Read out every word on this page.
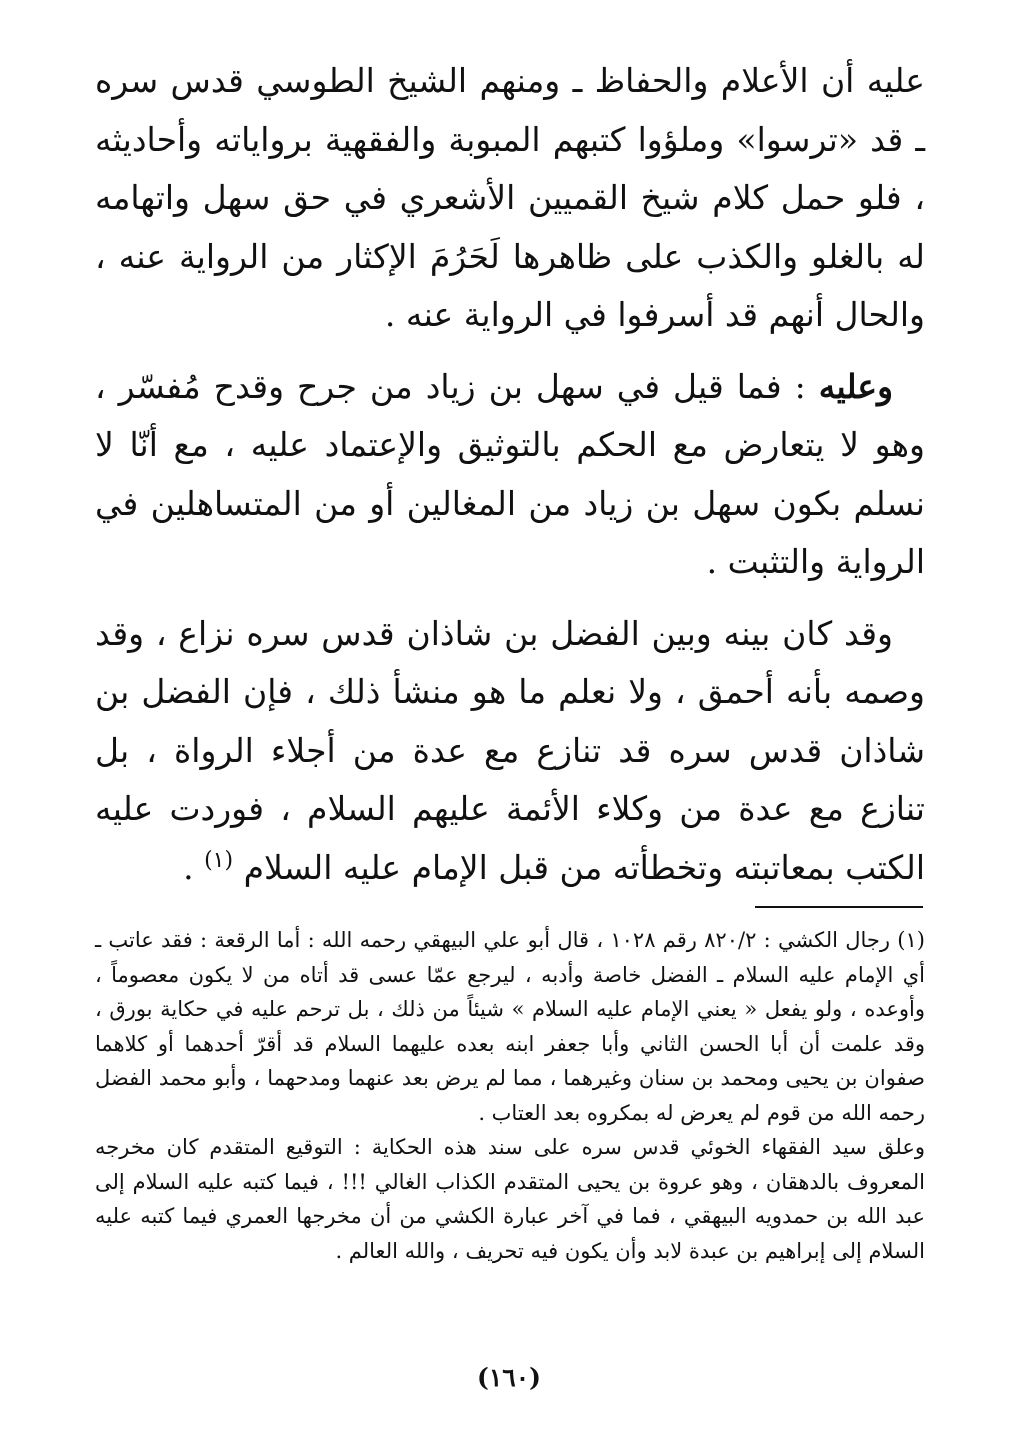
عليه أن الأعلام والحفاظ ـ ومنهم الشيخ الطوسي قدس سره ـ قد «ترسوا» وملؤوا كتبهم المبوبة والفقهية برواياته وأحاديثه ، فلو حمل كلام شيخ القميين الأشعري في حق سهل واتهامه له بالغلو والكذب على ظاهرها لَحَرُمَ الإكثار من الرواية عنه ، والحال أنهم قد أسرفوا في الرواية عنه .

وعليه : فما قيل في سهل بن زياد من جرح وقدح مُفسّر ، وهو لا يتعارض مع الحكم بالتوثيق والإعتماد عليه ، مع أنّا لا نسلم بكون سهل بن زياد من المغالين أو من المتساهلين في الرواية والتثبت .

وقد كان بينه وبين الفضل بن شاذان قدس سره نزاع ، وقد وصمه بأنه أحمق ، ولا نعلم ما هو منشأ ذلك ، فإن الفضل بن شاذان قدس سره قد تنازع مع عدة من أجلاء الرواة ، بل تنازع مع عدة من وكلاء الأئمة عليهم السلام ، فوردت عليه الكتب بمعاتبته وتخطأته من قبل الإمام عليه السلام $^{(١)}$ .

(١) رجال الكشي : ٨٢٠/٢ رقم ١٠٢٨ ، قال أبو علي البيهقي رحمه الله : أما الرقعة : فقد عاتب ـ أي الإمام عليه السلام ـ الفضل خاصة وأدبه ، ليرجع عمّا عسى قد أتاه من لا يكون معصوماً ، وأوعده ، ولو يفعل « يعني الإمام عليه السلام » شيئاً من ذلك ، بل ترحم عليه في حكاية بورق ، وقد علمت أن أبا الحسن الثاني وأبا جعفر ابنه بعده عليهما السلام قد أقرّ أحدهما أو كلاهما صفوان بن يحيى ومحمد بن سنان وغيرهما ، مما لم يرض بعد عنهما ومدحهما ، وأبو محمد الفضل رحمه الله من قوم لم يعرض له بمكروه بعد العتاب .

وعلق سيد الفقهاء الخوئي قدس سره على سند هذه الحكاية : التوقيع المتقدم كان مخرجه المعروف بالدهقان ، وهو عروة بن يحيى المتقدم الكذاب الغالي !!! ، فيما كتبه عليه السلام إلى عبد الله بن حمدويه البيهقي ، فما في آخر عبارة الكشي من أن مخرجها العمري فيما كتبه عليه السلام إلى إبراهيم بن عبدة لابد وأن يكون فيه تحريف ، والله العالم .

(١٦٠)
